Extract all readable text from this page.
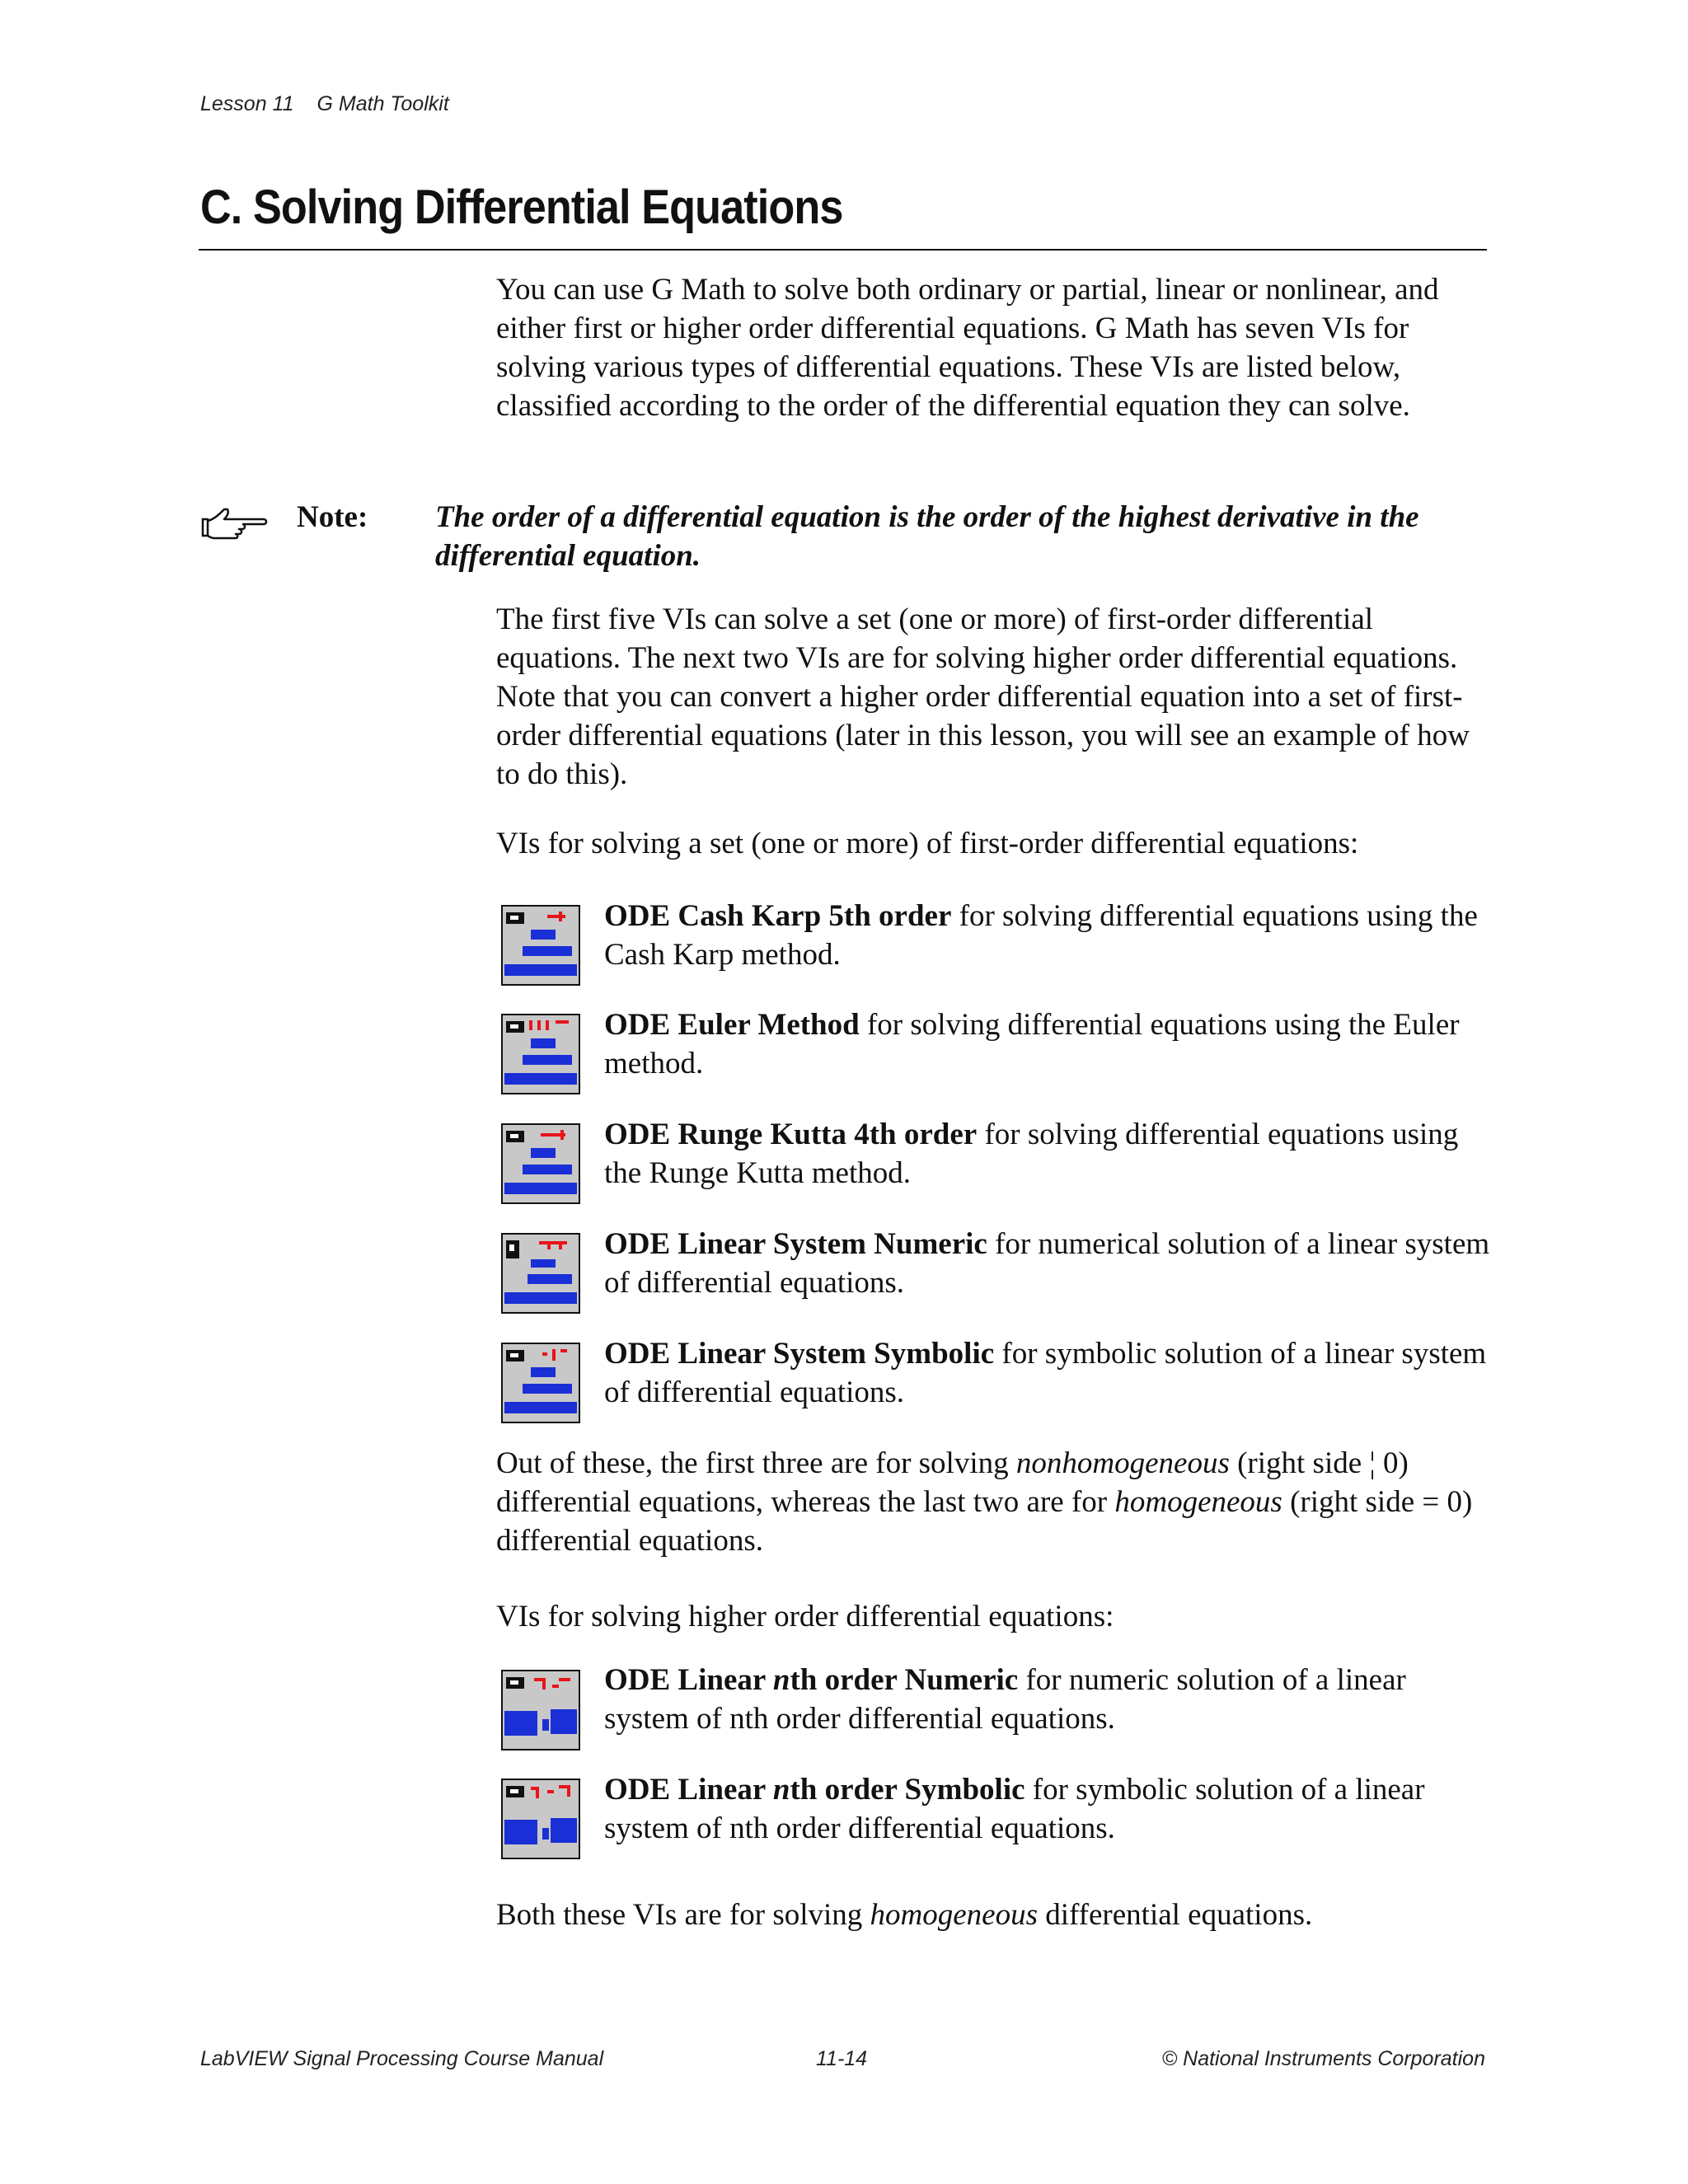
Lesson 11 G Math Toolkit
C. Solving Differential Equations

You can use G Math to solve both ordinary or partial, linear or nonlinear, and either first or higher order differential equations. G Math has seven VIs for solving various types of differential equations. These VIs are listed below, classified according to the order of the differential equation they can solve.

Note: The order of a differential equation is the order of the highest derivative in the differential equation.

The first five VIs can solve a set (one or more) of first-order differential equations. The next two VIs are for solving higher order differential equations. Note that you can convert a higher order differential equation into a set of first-order differential equations (later in this lesson, you will see an example of how to do this).

VIs for solving a set (one or more) of first-order differential equations:

ODE Cash Karp 5th order for solving differential equations using the Cash Karp method.

ODE Euler Method for solving differential equations using the Euler method.

ODE Runge Kutta 4th order for solving differential equations using the Runge Kutta method.

ODE Linear System Numeric for numerical solution of a linear system of differential equations.

ODE Linear System Symbolic for symbolic solution of a linear system of differential equations.

Out of these, the first three are for solving nonhomogeneous (right side ¦ 0) differential equations, whereas the last two are for homogeneous (right side = 0) differential equations.

VIs for solving higher order differential equations:

ODE Linear nth order Numeric for numeric solution of a linear system of nth order differential equations.

ODE Linear nth order Symbolic for symbolic solution of a linear system of nth order differential equations.

Both these VIs are for solving homogeneous differential equations.

LabVIEW Signal Processing Course Manual	11-14	© National Instruments Corporation
